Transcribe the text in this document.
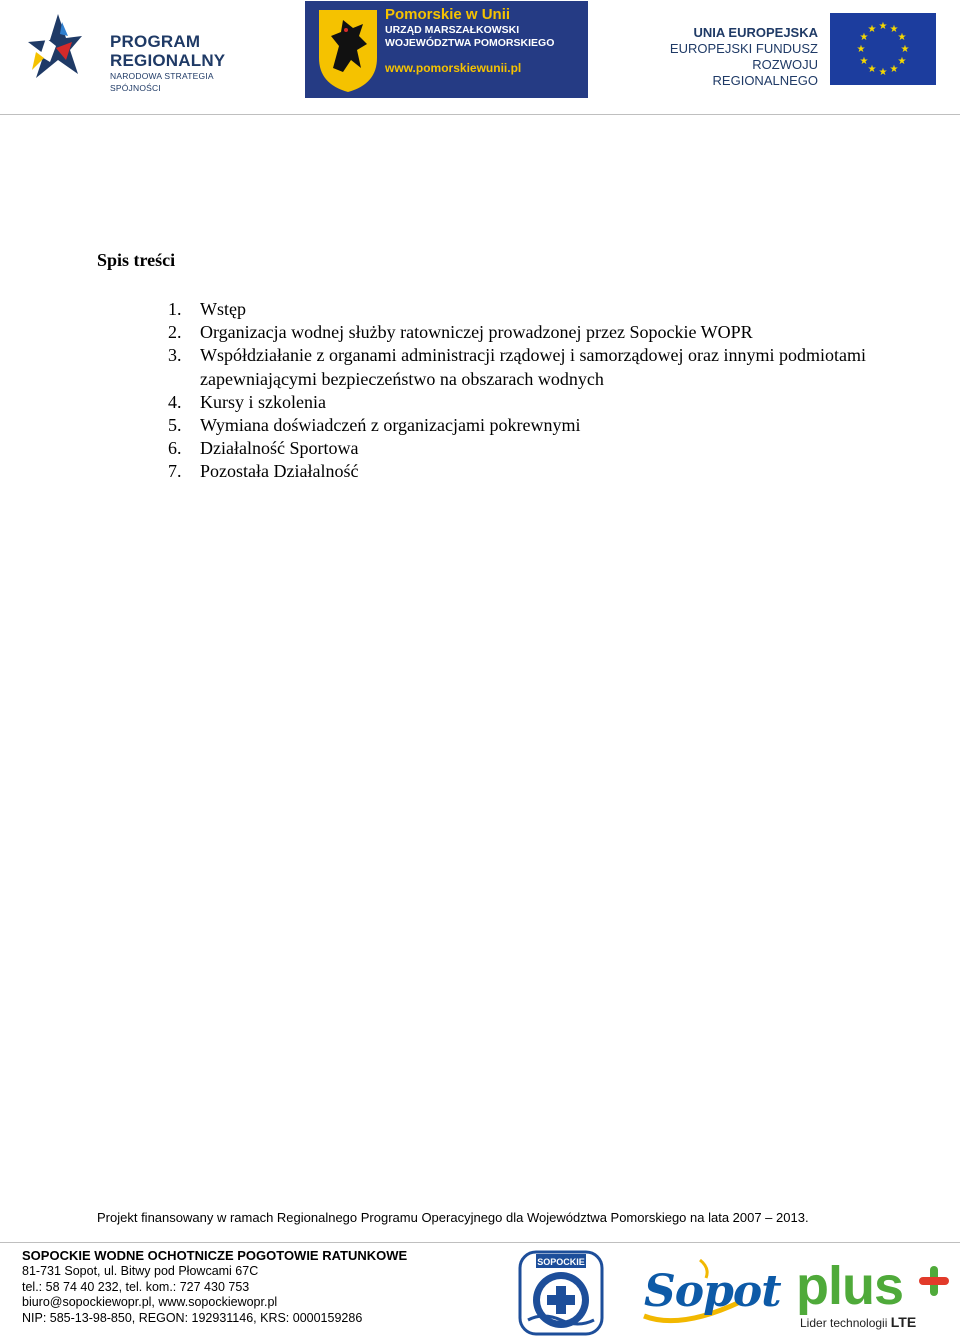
PROGRAM
REGIONALNY
NARODOWA STRATEGIA SPÓJNOŚCI
Pomorskie w Unii
URZĄD MARSZAŁKOWSKI
WOJEWÓDZTWA POMORSKIEGO
www.pomorskiewunii.pl
UNIA EUROPEJSKA
EUROPEJSKI FUNDUSZ
ROZWOJU REGIONALNEGO
★ ★
★
★
★
★
★
★
★
★
★
★
Spis treści
1. Wstęp
2. Organizacja wodnej służby ratowniczej prowadzonej przez Sopockie WOPR
3. Współdziałanie z organami administracji rządowej i samorządowej oraz innymi podmiotami zapewniającymi bezpieczeństwo na obszarach wodnych
4. Kursy i szkolenia
5. Wymiana doświadczeń z organizacjami pokrewnymi
6. Działalność Sportowa
7. Pozostała Działalność
Projekt finansowany w ramach Regionalnego Programu Operacyjnego dla Województwa Pomorskiego na lata 2007 – 2013.
SOPOCKIE WODNE OCHOTNICZE POGOTOWIE RATUNKOWE
81-731 Sopot, ul. Bitwy pod Płowcami 67C
tel.: 58 74 40 232, tel. kom.: 727 430 753
biuro@sopockiewopr.pl, www.sopockiewopr.pl
NIP: 585-13-98-850, REGON: 192931146, KRS: 0000159286
SOPOCKIE
Sopot plus
Lider technologii LTE
